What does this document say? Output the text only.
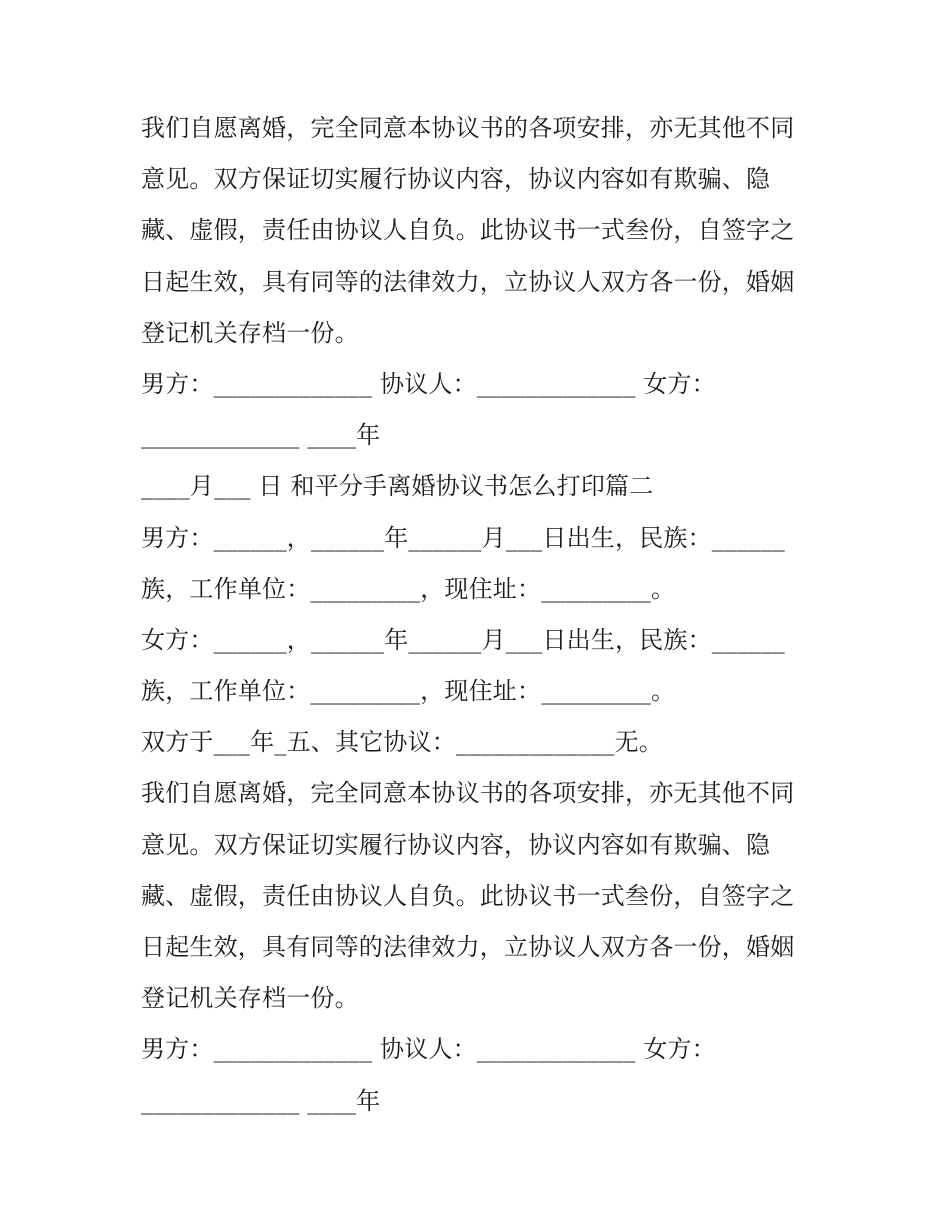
我们自愿离婚，完全同意本协议书的各项安排，亦无其他不同
意见。双方保证切实履行协议内容，协议内容如有欺骗、隐
藏、虚假，责任由协议人自负。此协议书一式叁份，自签字之
日起生效，具有同等的法律效力，立协议人双方各一份，婚姻
登记机关存档一份。
男方：_____________ 协议人：_____________ 女方：
_____________ ____年
____月___ 日 和平分手离婚协议书怎么打印篇二
男方：______，______年______月___日出生，民族：______
族，工作单位：_________，现住址：_________。
女方：______，______年______月___日出生，民族：______
族，工作单位：_________，现住址：_________。
双方于___年_五、其它协议：_____________无。
我们自愿离婚，完全同意本协议书的各项安排，亦无其他不同
意见。双方保证切实履行协议内容，协议内容如有欺骗、隐
藏、虚假，责任由协议人自负。此协议书一式叁份，自签字之
日起生效，具有同等的法律效力，立协议人双方各一份，婚姻
登记机关存档一份。
男方：_____________ 协议人：_____________ 女方：
_____________ ____年
